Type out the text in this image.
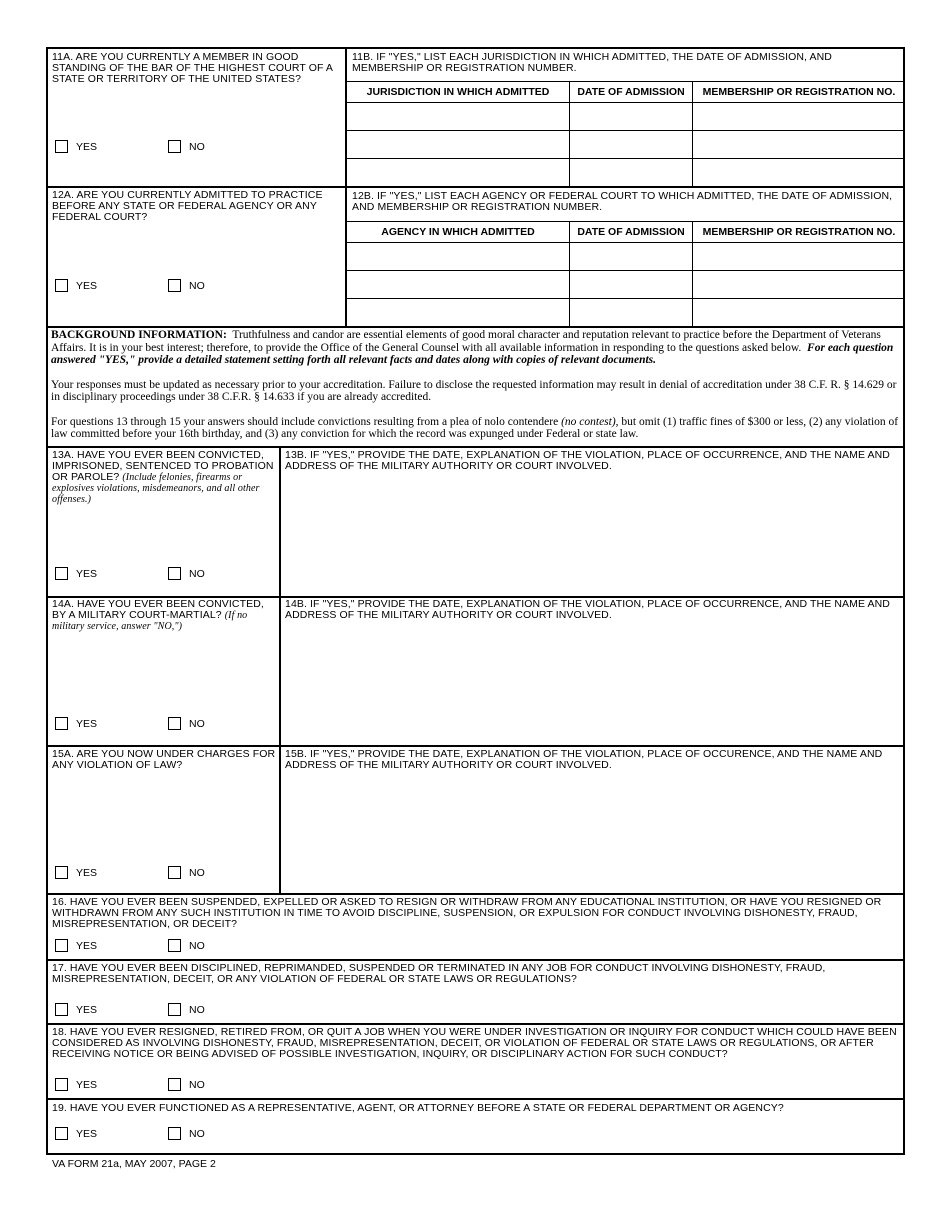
11A. ARE YOU CURRENTLY A MEMBER IN GOOD STANDING OF THE BAR OF THE HIGHEST COURT OF A STATE OR TERRITORY OF THE UNITED STATES?
11B. IF "YES," LIST EACH JURISDICTION IN WHICH ADMITTED, THE DATE OF ADMISSION, AND MEMBERSHIP OR REGISTRATION NUMBER.
JURISDICTION IN WHICH ADMITTED	DATE OF ADMISSION	MEMBERSHIP OR REGISTRATION NO.
YES	NO
12A. ARE YOU CURRENTLY ADMITTED TO PRACTICE BEFORE ANY STATE OR FEDERAL AGENCY OR ANY FEDERAL COURT?
12B. IF "YES," LIST EACH AGENCY OR FEDERAL COURT TO WHICH ADMITTED, THE DATE OF ADMISSION, AND MEMBERSHIP OR REGISTRATION NUMBER.
AGENCY IN WHICH ADMITTED	DATE OF ADMISSION	MEMBERSHIP OR REGISTRATION NO.
YES	NO

BACKGROUND INFORMATION: Truthfulness and candor are essential elements of good moral character and reputation relevant to practice before the Department of Veterans Affairs. It is in your best interest; therefore, to provide the Office of the General Counsel with all available information in responding to the questions asked below. For each question answered "YES," provide a detailed statement setting forth all relevant facts and dates along with copies of relevant documents.

Your responses must be updated as necessary prior to your accreditation. Failure to disclose the requested information may result in denial of accreditation under 38 C.F. R. § 14.629 or in disciplinary proceedings under 38 C.F.R. § 14.633 if you are already accredited.

For questions 13 through 15 your answers should include convictions resulting from a plea of nolo contendere (no contest), but omit (1) traffic fines of $300 or less, (2) any violation of law committed before your 16th birthday, and (3) any conviction for which the record was expunged under Federal or state law.

13A. HAVE YOU EVER BEEN CONVICTED, IMPRISONED, SENTENCED TO PROBATION OR PAROLE? (Include felonies, firearms or explosives violations, misdemeanors, and all other offenses.)
13B. IF "YES," PROVIDE THE DATE, EXPLANATION OF THE VIOLATION, PLACE OF OCCURRENCE, AND THE NAME AND ADDRESS OF THE MILITARY AUTHORITY OR COURT INVOLVED.
YES	NO
14A. HAVE YOU EVER BEEN CONVICTED, BY A MILITARY COURT-MARTIAL? (If no military service, answer "NO,")
14B. IF "YES," PROVIDE THE DATE, EXPLANATION OF THE VIOLATION, PLACE OF OCCURRENCE, AND THE NAME AND ADDRESS OF THE MILITARY AUTHORITY OR COURT INVOLVED.
YES	NO
15A. ARE YOU NOW UNDER CHARGES FOR ANY VIOLATION OF LAW?
15B. IF "YES," PROVIDE THE DATE, EXPLANATION OF THE VIOLATION, PLACE OF OCCURENCE, AND THE NAME AND ADDRESS OF THE MILITARY AUTHORITY OR COURT INVOLVED.
YES	NO
16. HAVE YOU EVER BEEN SUSPENDED, EXPELLED OR ASKED TO RESIGN OR WITHDRAW FROM ANY EDUCATIONAL INSTITUTION, OR HAVE YOU RESIGNED OR WITHDRAWN FROM ANY SUCH INSTITUTION IN TIME TO AVOID DISCIPLINE, SUSPENSION, OR EXPULSION FOR CONDUCT INVOLVING DISHONESTY, FRAUD, MISREPRESENTATION, OR DECEIT?
YES	NO
17. HAVE YOU EVER BEEN DISCIPLINED, REPRIMANDED, SUSPENDED OR TERMINATED IN ANY JOB FOR CONDUCT INVOLVING DISHONESTY, FRAUD, MISREPRESENTATION, DECEIT, OR ANY VIOLATION OF FEDERAL OR STATE LAWS OR REGULATIONS?
YES	NO
18. HAVE YOU EVER RESIGNED, RETIRED FROM, OR QUIT A JOB WHEN YOU WERE UNDER INVESTIGATION OR INQUIRY FOR CONDUCT WHICH COULD HAVE BEEN CONSIDERED AS INVOLVING DISHONESTY, FRAUD, MISREPRESENTATION, DECEIT, OR VIOLATION OF FEDERAL OR STATE LAWS OR REGULATIONS, OR AFTER RECEIVING NOTICE OR BEING ADVISED OF POSSIBLE INVESTIGATION, INQUIRY, OR DISCIPLINARY ACTION FOR SUCH CONDUCT?
YES	NO
19. HAVE YOU EVER FUNCTIONED AS A REPRESENTATIVE, AGENT, OR ATTORNEY BEFORE A STATE OR FEDERAL DEPARTMENT OR AGENCY?
YES	NO
VA FORM 21a, MAY 2007, PAGE 2
